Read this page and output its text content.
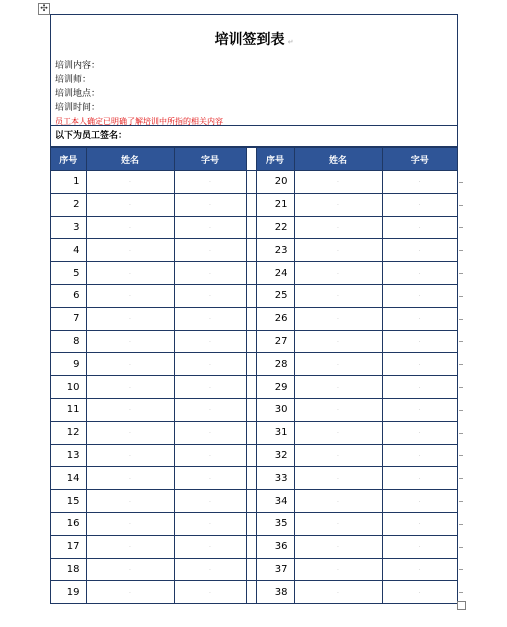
✣
培训签到表 ↵
培训内容：
培训师：
培训地点：
培训时间：
员工本人确定已明确了解培训中所指的相关内容
以下为员工签名：
序号	姓名	字号		序号	姓名	字号
1	·	·		20	·	·
2	·	·		21	·	·
3	·	·		22	·	·
4	·	·		23	·	·
5	·	·		24	·	·
6	·	·		25	·	·
7	·	·		26	·	·
8	·	·		27	·	·
9	·	·		28	·	·
10	·	·		29	·	·
11	·	·		30	·	·
12	·	·		31	·	·
13	·	·		32	·	·
14	·	·		33	·	·
15	·	·		34	·	·
16	·	·		35	·	·
17	·	·		36	·	·
18	·	·		37	·	·
19	·	·		38	·	·
